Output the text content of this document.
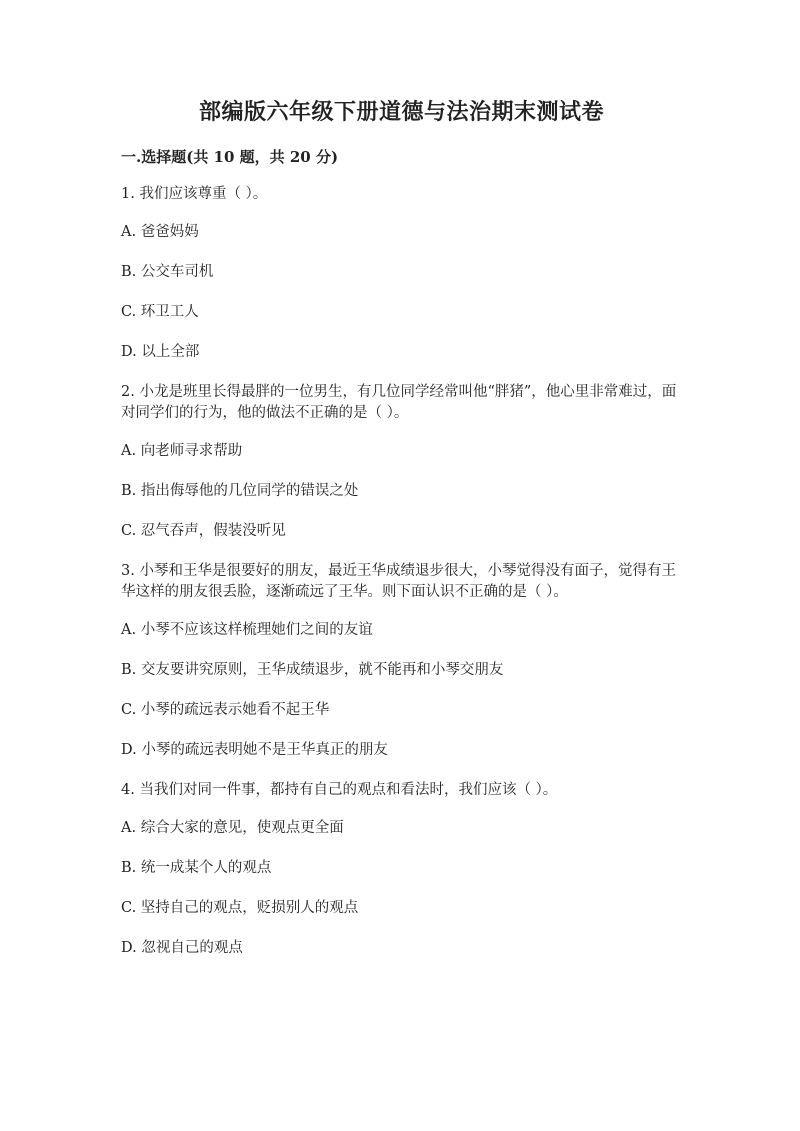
部编版六年级下册道德与法治期末测试卷
一.选择题(共 10 题，共 20 分)
1. 我们应该尊重（ ）。
A. 爸爸妈妈
B. 公交车司机
C. 环卫工人
D. 以上全部
2. 小龙是班里长得最胖的一位男生，有几位同学经常叫他“胖猪”，他心里非常难过，面对同学们的行为，他的做法不正确的是（ ）。
A. 向老师寻求帮助
B. 指出侮辱他的几位同学的错误之处
C. 忍气吞声，假装没听见
3. 小琴和王华是很要好的朋友，最近王华成绩退步很大，小琴觉得没有面子，觉得有王华这样的朋友很丢脸，逐渐疏远了王华。则下面认识不正确的是（ ）。
A. 小琴不应该这样梳理她们之间的友谊
B. 交友要讲究原则，王华成绩退步，就不能再和小琴交朋友
C. 小琴的疏远表示她看不起王华
D. 小琴的疏远表明她不是王华真正的朋友
4. 当我们对同一件事，都持有自己的观点和看法时，我们应该（ ）。
A. 综合大家的意见，使观点更全面
B. 统一成某个人的观点
C. 坚持自己的观点，贬损别人的观点
D. 忽视自己的观点
